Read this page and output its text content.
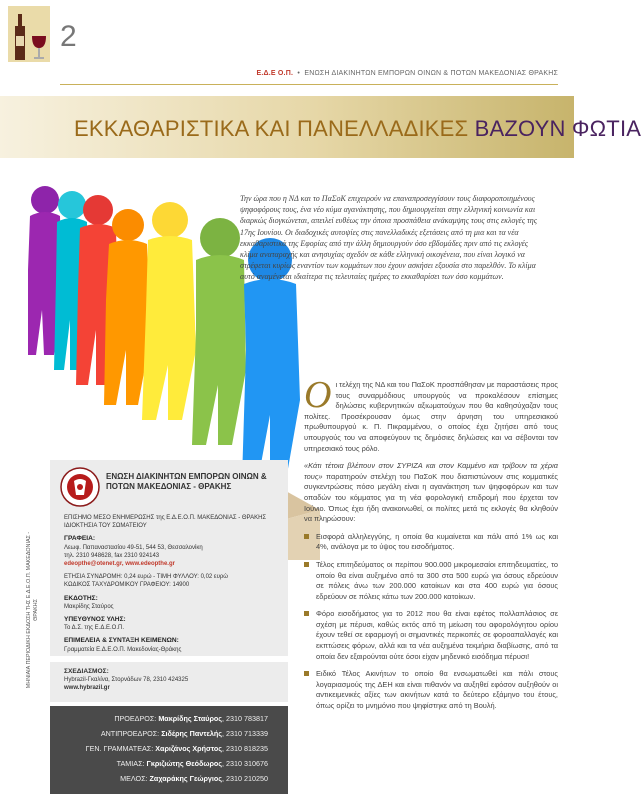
2
Ε.Δ.Ε Ο.Π.  •  ΕΝΩΣΗ ΔΙΑΚΙΝΗΤΩΝ ΕΜΠΟΡΩΝ ΟΙΝΩΝ & ΠΟΤΩΝ ΜΑΚΕΔΟΝΙΑΣ ΘΡΑΚΗΣ
ΕΚΚΑΘΑΡΙΣΤΙΚΑ ΚΑΙ ΠΑΝΕΛΛΑΔΙΚΕΣ ΒΑΖΟΥΝ ΦΩΤΙΑ
Την ώρα που η ΝΔ και το ΠαΣοΚ επιχειρούν να επαναπροσεγγίσουν τους διαφοροποιημένους ψηφοφόρους τους, ένα νέο κύμα αγανάκτησης, που δημιουργείται στην ελληνική κοινωνία και διαρκώς διογκώνεται, απειλεί ευθέως την όποια προσπάθεια ανάκαμψης τους στις εκλογές της 17ης Ιουνίου. Οι διαδοχικές αυτοψίες στις πανελλαδικές εξετάσεις από τη μια και τα νέα εκκαθαριστικά της Εφορίας από την άλλη δημιουργούν όσο εβδομάδες πριν από τις εκλογές κλίμα αναταραχής και ανησυχίας σχεδόν σε κάθε ελληνική οικογένεια, που είναι λογικό να στρέφεται κυρίως εναντίον των κομμάτων που έχουν ασκήσει εξουσία στο παρελθόν. Το κλίμα αυτό αναμένεται ιδιαίτερα τις τελευταίες ημέρες το εκκαθαρίσει των όσο κομμάτων.

Οι τελέχη της ΝΔ και του ΠαΣοΚ προσπάθησαν με παραστάσεις προς τους συναρμόδιους υπουργούς να προκαλέσουν επίσημες δηλώσεις κυβερνητικών αξιωματούχων που θα καθησύχαζαν τους πολίτες. Προσέκρουσαν όμως στην άρνηση του υπηρεσιακού πρωθυπουργού κ. Π. Πικραμμένου, ο οποίος έχει ζητήσει από τους υπουργούς του να αποφεύγουν τις δημόσιες δηλώσεις και να σέβονται τον υπηρεσιακό τους ρόλο.

«Κάτι τέτοια βλέπουν στον ΣΥΡΙΖΑ και στον Καμμένο και τρίβουν τα χέρια τους» παρατηρούν στελέχη του ΠαΣοΚ που διαπιστώνουν στις κομματικές συγκεντρώσεις πόσο μεγάλη είναι η αγανάκτηση των ψηφοφόρων και των οπαδών του κόμματος για τη νέα φορολογική επιδρομή που έρχεται τον Ιούνιο. Όπως έχει ήδη ανακοινωθεί, οι πολίτες μετά τις εκλογές θα κληθούν να πληρώσουν:

Εισφορά αλληλεγγύης, η οποία θα κυμαίνεται και πάλι από 1% ως και 4%, ανάλογα με το ύψος του εισοδήματος.
Τέλος επιτηδεύματος οι περίπου 900.000 μικρομεσαίοι επιτηδευματίες, το οποίο θα είναι αυξημένο από τα 300 στα 500 ευρώ για όσους εδρεύουν σε πόλεις άνω των 200.000 κατοίκων και στα 400 ευρώ για όσους εδρεύουν σε πόλεις κάτω των 200.000 κατοίκων.
Φόρο εισοδήματος για το 2012 που θα είναι εφέτος πολλαπλάσιος σε σχέση με πέρυσι, καθώς εκτός από τη μείωση του αφορολόγητου ορίου έχουν τεθεί σε εφαρμογή οι σημαντικές περικοπές σε φοροαπαλλαγές και εκπτώσεις φόρων, αλλά και τα νέα αυξημένα τεκμήρια διαβίωσης, από τα οποία δεν εξαιρούνται ούτε όσοι είχαν μηδενικό εισόδημα πέρυσι!
Ειδικό Τέλος Ακινήτων το οποίο θα ενσωματωθεί και πάλι στους λογαριασμούς της ΔΕΗ και είναι πιθανόν να αυξηθεί εφόσον αυξηθούν οι αντικειμενικές αξίες των ακινήτων κατά το δεύτερο εξάμηνο του έτους, όπως ορίζει το μνημόνιο που ψηφίστηκε από τη Βουλή.
ΜΗΝΙΑΙΑ ΠΕΡΙΟΔΙΚΗ ΕΚΔΟΣΗ ΤΗΣ Ε.Δ.Ε.Ο.Π. ΜΑΚΕΔΟΝΙΑΣ - ΘΡΑΚΗΣ
ΕΝΩΣΗ ΔΙΑΚΙΝΗΤΩΝ ΕΜΠΟΡΩΝ ΟΙΝΩΝ & ΠΟΤΩΝ ΜΑΚΕΔΟΝΙΑΣ - ΘΡΑΚΗΣ
ΕΠΙΣΗΜΟ ΜΕΣΟ ΕΝΗΜΕΡΩΣΗΣ της Ε.Δ.Ε.Ο.Π. ΜΑΚΕΔΟΝΙΑΣ - ΘΡΑΚΗΣ
ΙΔΙΟΚΤΗΣΙΑ ΤΟΥ ΣΩΜΑΤΕΙΟΥ
ΓΡΑΦΕΙΑ:
Λεωφ. Παπαναστασίου 49-51, 544 53, Θεσσαλονίκη
τηλ. 2310 948628, fax 2310 924143
edeopthe@otenet.gr, www.edeopthe.gr
ΕΤΗΣΙΑ ΣΥΝΔΡΟΜΗ: 0,24 ευρώ - ΤΙΜΗ ΦΥΛΛΟΥ: 0,02 ευρώ
ΚΩΔΙΚΟΣ ΤΑΧΥΔΡΟΜΙΚΟΥ ΓΡΑΦΕΙΟΥ: 14900
ΕΚΔΟΤΗΣ:
Μακρίδης Σταύρος
ΥΠΕΥΘΥΝΟΣ ΥΛΗΣ:
Το Δ.Σ. της Ε.Δ.Ε.Ο.Π.
ΕΠΙΜΕΛΕΙΑ & ΣΥΝΤΑΞΗ ΚΕΙΜΕΝΩΝ:
Γραμματεία Ε.Δ.Ε.Ο.Π. Μακεδονίας-Θράκης
ΣΧΕΔΙΑΣΜΟΣ:
Hybrazil-Γκαλίνα, Στορνάδων 78, 2310 424325
www.hybrazil.gr
ΠΡΟΕΔΡΟΣ: Μακρίδης Σταύρος, 2310 783817
ΑΝΤΙΠΡΟΕΔΡΟΣ: Σιδέρης Παντελής, 2310 713339
ΓΕΝ. ΓΡΑΜΜΑΤΕΑΣ: Χαριζάνος Χρήστος, 2310 818235
ΤΑΜΙΑΣ: Γκριζιώτης Θεόδωρος, 2310 310676
ΜΕΛΟΣ: Ζαχαράκης Γεώργιος, 2310 210250
